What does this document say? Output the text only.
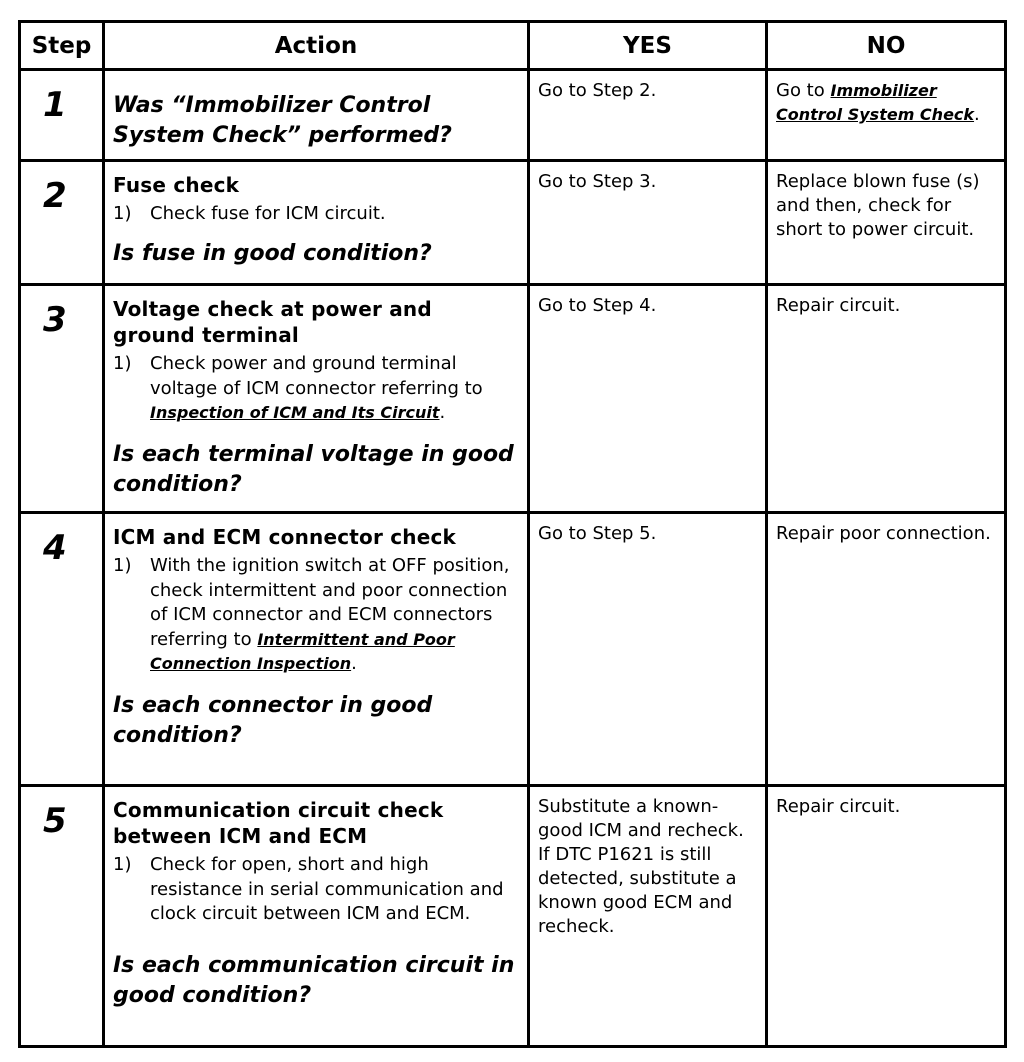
Step	Action	YES	NO

1	Was “Immobilizer Control System Check” performed?	Go to Step 2.	Go to Immobilizer Control System Check.

2	Fuse check
1) Check fuse for ICM circuit.
Is fuse in good condition?	Go to Step 3.	Replace blown fuse (s) and then, check for short to power circuit.

3	Voltage check at power and ground terminal
1) Check power and ground terminal voltage of ICM connector referring to Inspection of ICM and Its Circuit.
Is each terminal voltage in good condition?	Go to Step 4.	Repair circuit.

4	ICM and ECM connector check
1) With the ignition switch at OFF position, check intermittent and poor connection of ICM connector and ECM connectors referring to Intermittent and Poor Connection Inspection.
Is each connector in good condition?	Go to Step 5.	Repair poor connection.

5	Communication circuit check between ICM and ECM
1) Check for open, short and high resistance in serial communication and clock circuit between ICM and ECM.
Is each communication circuit in good condition?	Substitute a known-good ICM and recheck. If DTC P1621 is still detected, substitute a known good ECM and recheck.	Repair circuit.
